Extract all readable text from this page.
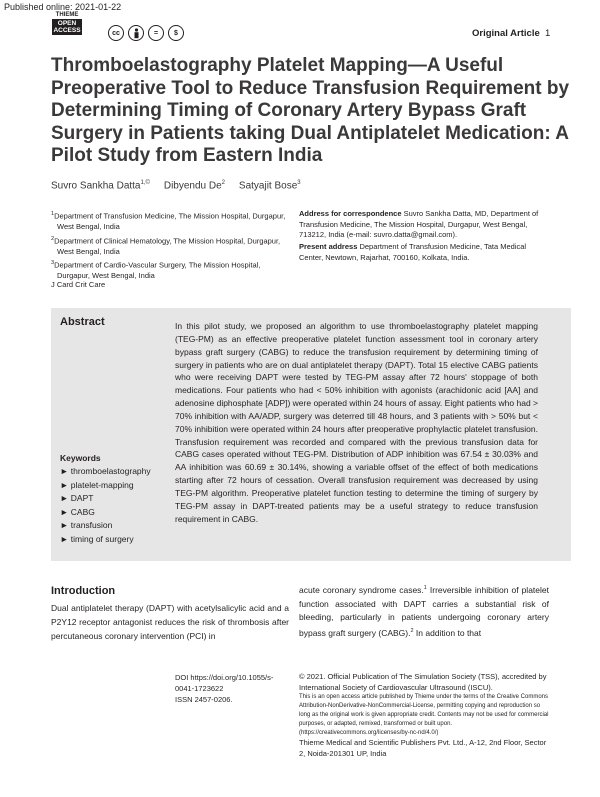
Published online: 2021-01-22
THIEME
OPEN
ACCESS	cc	=	$	Original Article 1
Thromboelastography Platelet Mapping—A Useful Preoperative Tool to Reduce Transfusion Requirement by Determining Timing of Coronary Artery Bypass Graft Surgery in Patients taking Dual Antiplatelet Medication: A Pilot Study from Eastern India
Suvro Sankha Datta$^{1,©}$ Dibyendu De$^2$ Satyajit Bose$^3$

$^1$Department of Transfusion Medicine, The Mission Hospital, Durgapur, West Bengal, India

$^2$Department of Clinical Hematology, The Mission Hospital, Durgapur, West Bengal, India

$^3$Department of Cardio-Vascular Surgery, The Mission Hospital, Durgapur, West Bengal, India

J Card Crit Care
Address for correspondence Suvro Sankha Datta, MD, Department of Transfusion Medicine, The Mission Hospital, Durgapur, West Bengal, 713212, India (e-mail: suvro.datta@gmail.com).
Present address Department of Transfusion Medicine, Tata Medical Center, Newtown, Rajarhat, 700160, Kolkata, India.
Abstract	In this pilot study, we proposed an algorithm to use thromboelastography platelet mapping (TEG-PM) as an effective preoperative platelet function assessment tool in coronary artery bypass graft surgery (CABG) to reduce the transfusion requirement by determining timing of surgery in patients who are on dual antiplatelet therapy (DAPT). Total 15 elective CABG patients who were receiving DAPT were tested by TEG-PM assay after 72 hours' stoppage of both medications. Four patients who had < 50% inhibition with agonists (arachidonic acid [AA] and adenosine diphosphate [ADP]) were operated within 24 hours of assay. Eight patients who had > 70% inhibition with AA/ADP, surgery was deterred till 48 hours, and 3 patients with > 50% but < 70% inhibition were operated within 24 hours after preoperative prophylactic platelet transfusion. Transfusion requirement was recorded and compared with the previous transfusion data for CABG cases operated without TEG-PM. Distribution of ADP inhibition was 67.54 ± 30.03% and AA inhibition was 60.69 ± 30.14%, showing a variable offset of the effect of both medications starting after 72 hours of cessation. Overall transfusion requirement was decreased by using TEG-PM algorithm. Preoperative platelet function testing to determine the timing of surgery by TEG-PM assay in DAPT-treated patients may be a useful strategy to reduce transfusion requirement in CABG.
Keywords
► thromboelastography
► platelet-mapping
► DAPT
► CABG
► transfusion
► timing of surgery
Introduction
Dual antiplatelet therapy (DAPT) with acetylsalicylic acid and a P2Y12 receptor antagonist reduces the risk of thrombosis after percutaneous coronary intervention (PCI) in
acute coronary syndrome cases.$^1$ Irreversible inhibition of platelet function associated with DAPT carries a substantial risk of bleeding, particularly in patients undergoing coronary artery bypass graft surgery (CABG).$^2$ In addition to that
DOI https://doi.org/10.1055/s-0041-1723622
ISSN 2457-0206.
© 2021. Official Publication of The Simulation Society (TSS), accredited by International Society of Cardiovascular Ultrasound (ISCU).
This is an open access article published by Thieme under the terms of the Creative Commons Attribution-NonDerivative-NonCommercial-License, permitting copying and reproduction so long as the original work is given appropriate credit. Contents may not be used for commercial purposes, or adapted, remixed, transformed or built upon. (https://creativecommons.org/licenses/by-nc-nd/4.0/)
Thieme Medical and Scientific Publishers Pvt. Ltd., A-12, 2nd Floor, Sector 2, Noida-201301 UP, India
